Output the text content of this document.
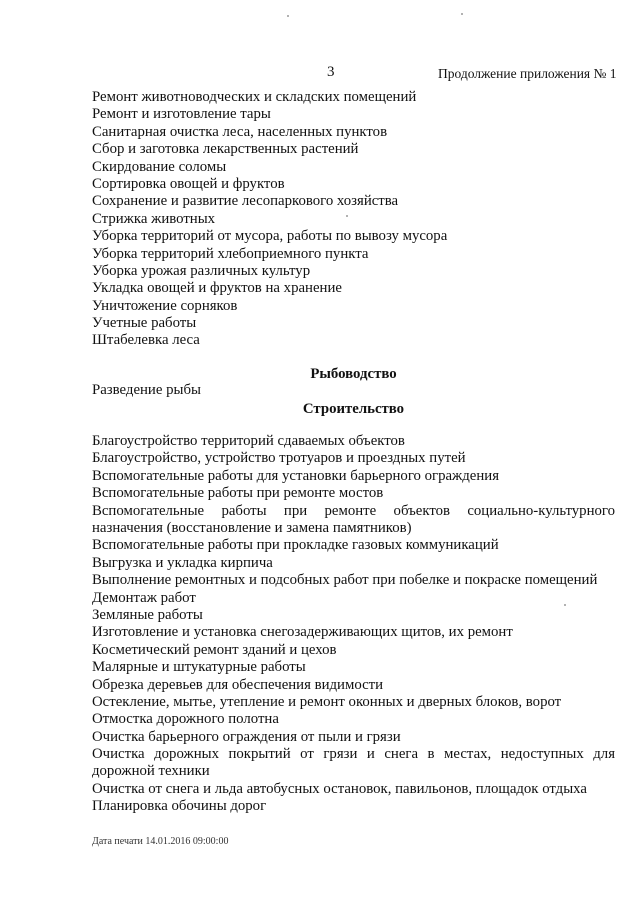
3	Продолжение приложения № 1
Ремонт животноводческих и складских помещений
Ремонт и изготовление тары
Санитарная очистка леса, населенных пунктов
Сбор и заготовка лекарственных растений
Скирдование соломы
Сортировка овощей и фруктов
Сохранение и развитие лесопаркового хозяйства
Стрижка животных
Уборка территорий от мусора, работы по вывозу мусора
Уборка территорий хлебоприемного пункта
Уборка урожая различных культур
Укладка овощей и фруктов на хранение
Уничтожение сорняков
Учетные работы
Штабелевка леса
Рыбоводство
Разведение рыбы
Строительство
Благоустройство территорий сдаваемых объектов
Благоустройство, устройство тротуаров и проездных путей
Вспомогательные работы для установки барьерного ограждения
Вспомогательные работы при ремонте мостов
Вспомогательные работы при ремонте объектов социально-культурного назначения (восстановление и замена памятников)
Вспомогательные работы при прокладке газовых коммуникаций
Выгрузка и укладка кирпича
Выполнение ремонтных и подсобных работ при побелке и покраске помещений
Демонтаж работ
Земляные работы
Изготовление и установка снегозадерживающих щитов, их ремонт
Косметический ремонт зданий и цехов
Малярные и штукатурные работы
Обрезка деревьев для обеспечения видимости
Остекление, мытье, утепление и ремонт оконных и дверных блоков, ворот
Отмостка дорожного полотна
Очистка барьерного ограждения от пыли и грязи
Очистка дорожных покрытий от грязи и снега в местах, недоступных для дорожной техники
Очистка от снега и льда автобусных остановок, павильонов, площадок отдыха
Планировка обочины дорог
Дата печати 14.01.2016 09:00:00
